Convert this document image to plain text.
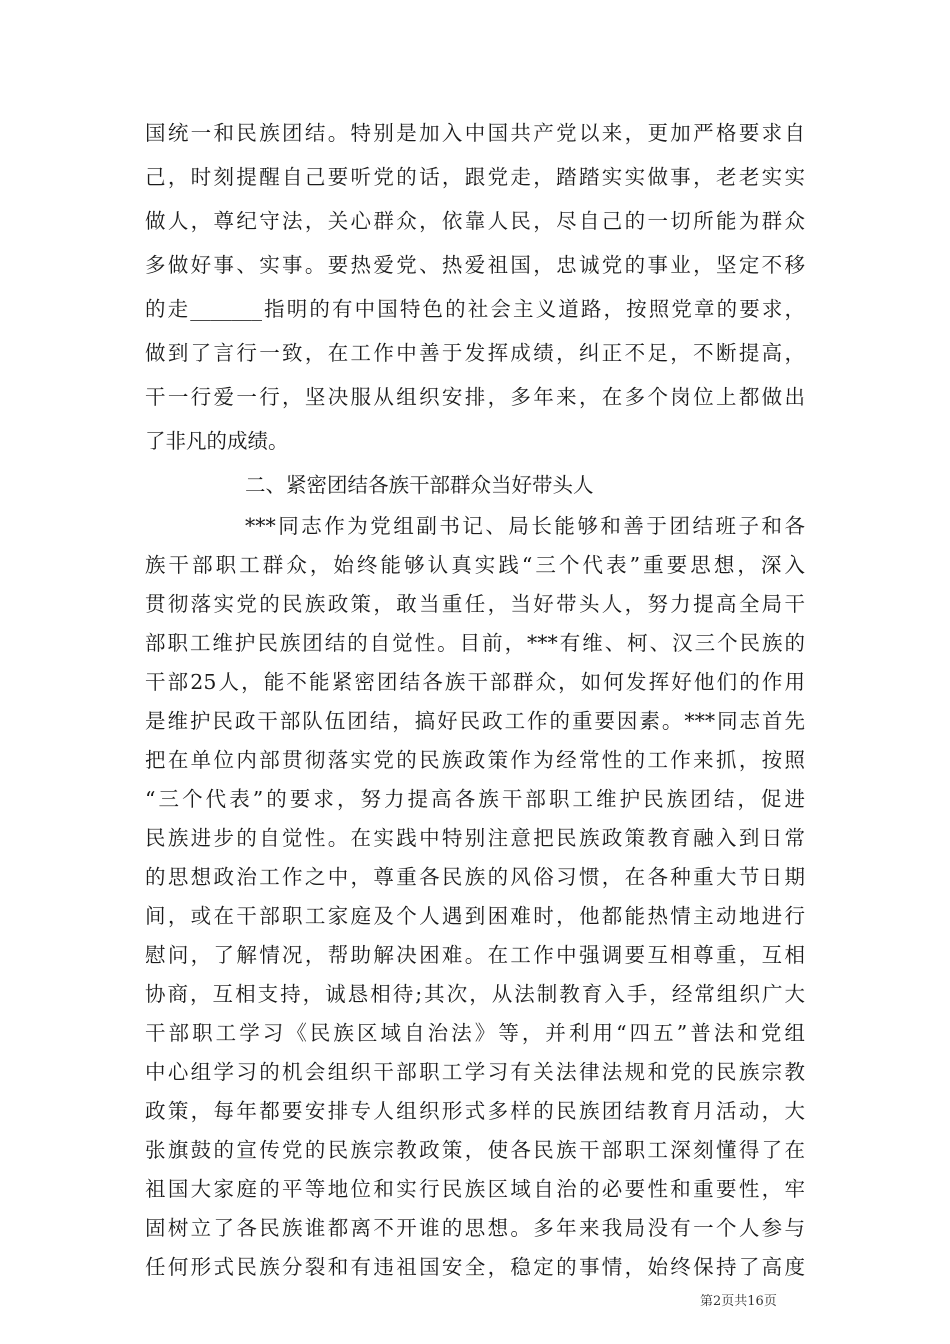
国统一和民族团结。特别是加入中国共产党以来，更加严格要求自
己，时刻提醒自己要听党的话，跟党走，踏踏实实做事，老老实实
做人，尊纪守法，关心群众，依靠人民，尽自己的一切所能为群众
多做好事、实事。要热爱党、热爱祖国，忠诚党的事业，坚定不移
的走_______指明的有中国特色的社会主义道路，按照党章的要求，
做到了言行一致，在工作中善于发挥成绩，纠正不足，不断提高，
干一行爱一行，坚决服从组织安排，多年来，在多个岗位上都做出
了非凡的成绩。
二、紧密团结各族干部群众当好带头人
***同志作为党组副书记、局长能够和善于团结班子和各
族干部职工群众，始终能够认真实践“三个代表”重要思想，深入
贯彻落实党的民族政策，敢当重任，当好带头人，努力提高全局干
部职工维护民族团结的自觉性。目前，***有维、柯、汉三个民族的
干部25人，能不能紧密团结各族干部群众，如何发挥好他们的作用
是维护民政干部队伍团结，搞好民政工作的重要因素。***同志首先
把在单位内部贯彻落实党的民族政策作为经常性的工作来抓，按照
“三个代表”的要求，努力提高各族干部职工维护民族团结，促进
民族进步的自觉性。在实践中特别注意把民族政策教育融入到日常
的思想政治工作之中，尊重各民族的风俗习惯，在各种重大节日期
间，或在干部职工家庭及个人遇到困难时，他都能热情主动地进行
慰问，了解情况，帮助解决困难。在工作中强调要互相尊重，互相
协商，互相支持，诚恳相待;其次，从法制教育入手，经常组织广大
干部职工学习《民族区域自治法》等，并利用“四五”普法和党组
中心组学习的机会组织干部职工学习有关法律法规和党的民族宗教
政策，每年都要安排专人组织形式多样的民族团结教育月活动，大
张旗鼓的宣传党的民族宗教政策，使各民族干部职工深刻懂得了在
祖国大家庭的平等地位和实行民族区域自治的必要性和重要性，牢
固树立了各民族谁都离不开谁的思想。多年来我局没有一个人参与
第2页共16页
任何形式民族分裂和有违祖国安全，稳定的事情，始终保持了高度
